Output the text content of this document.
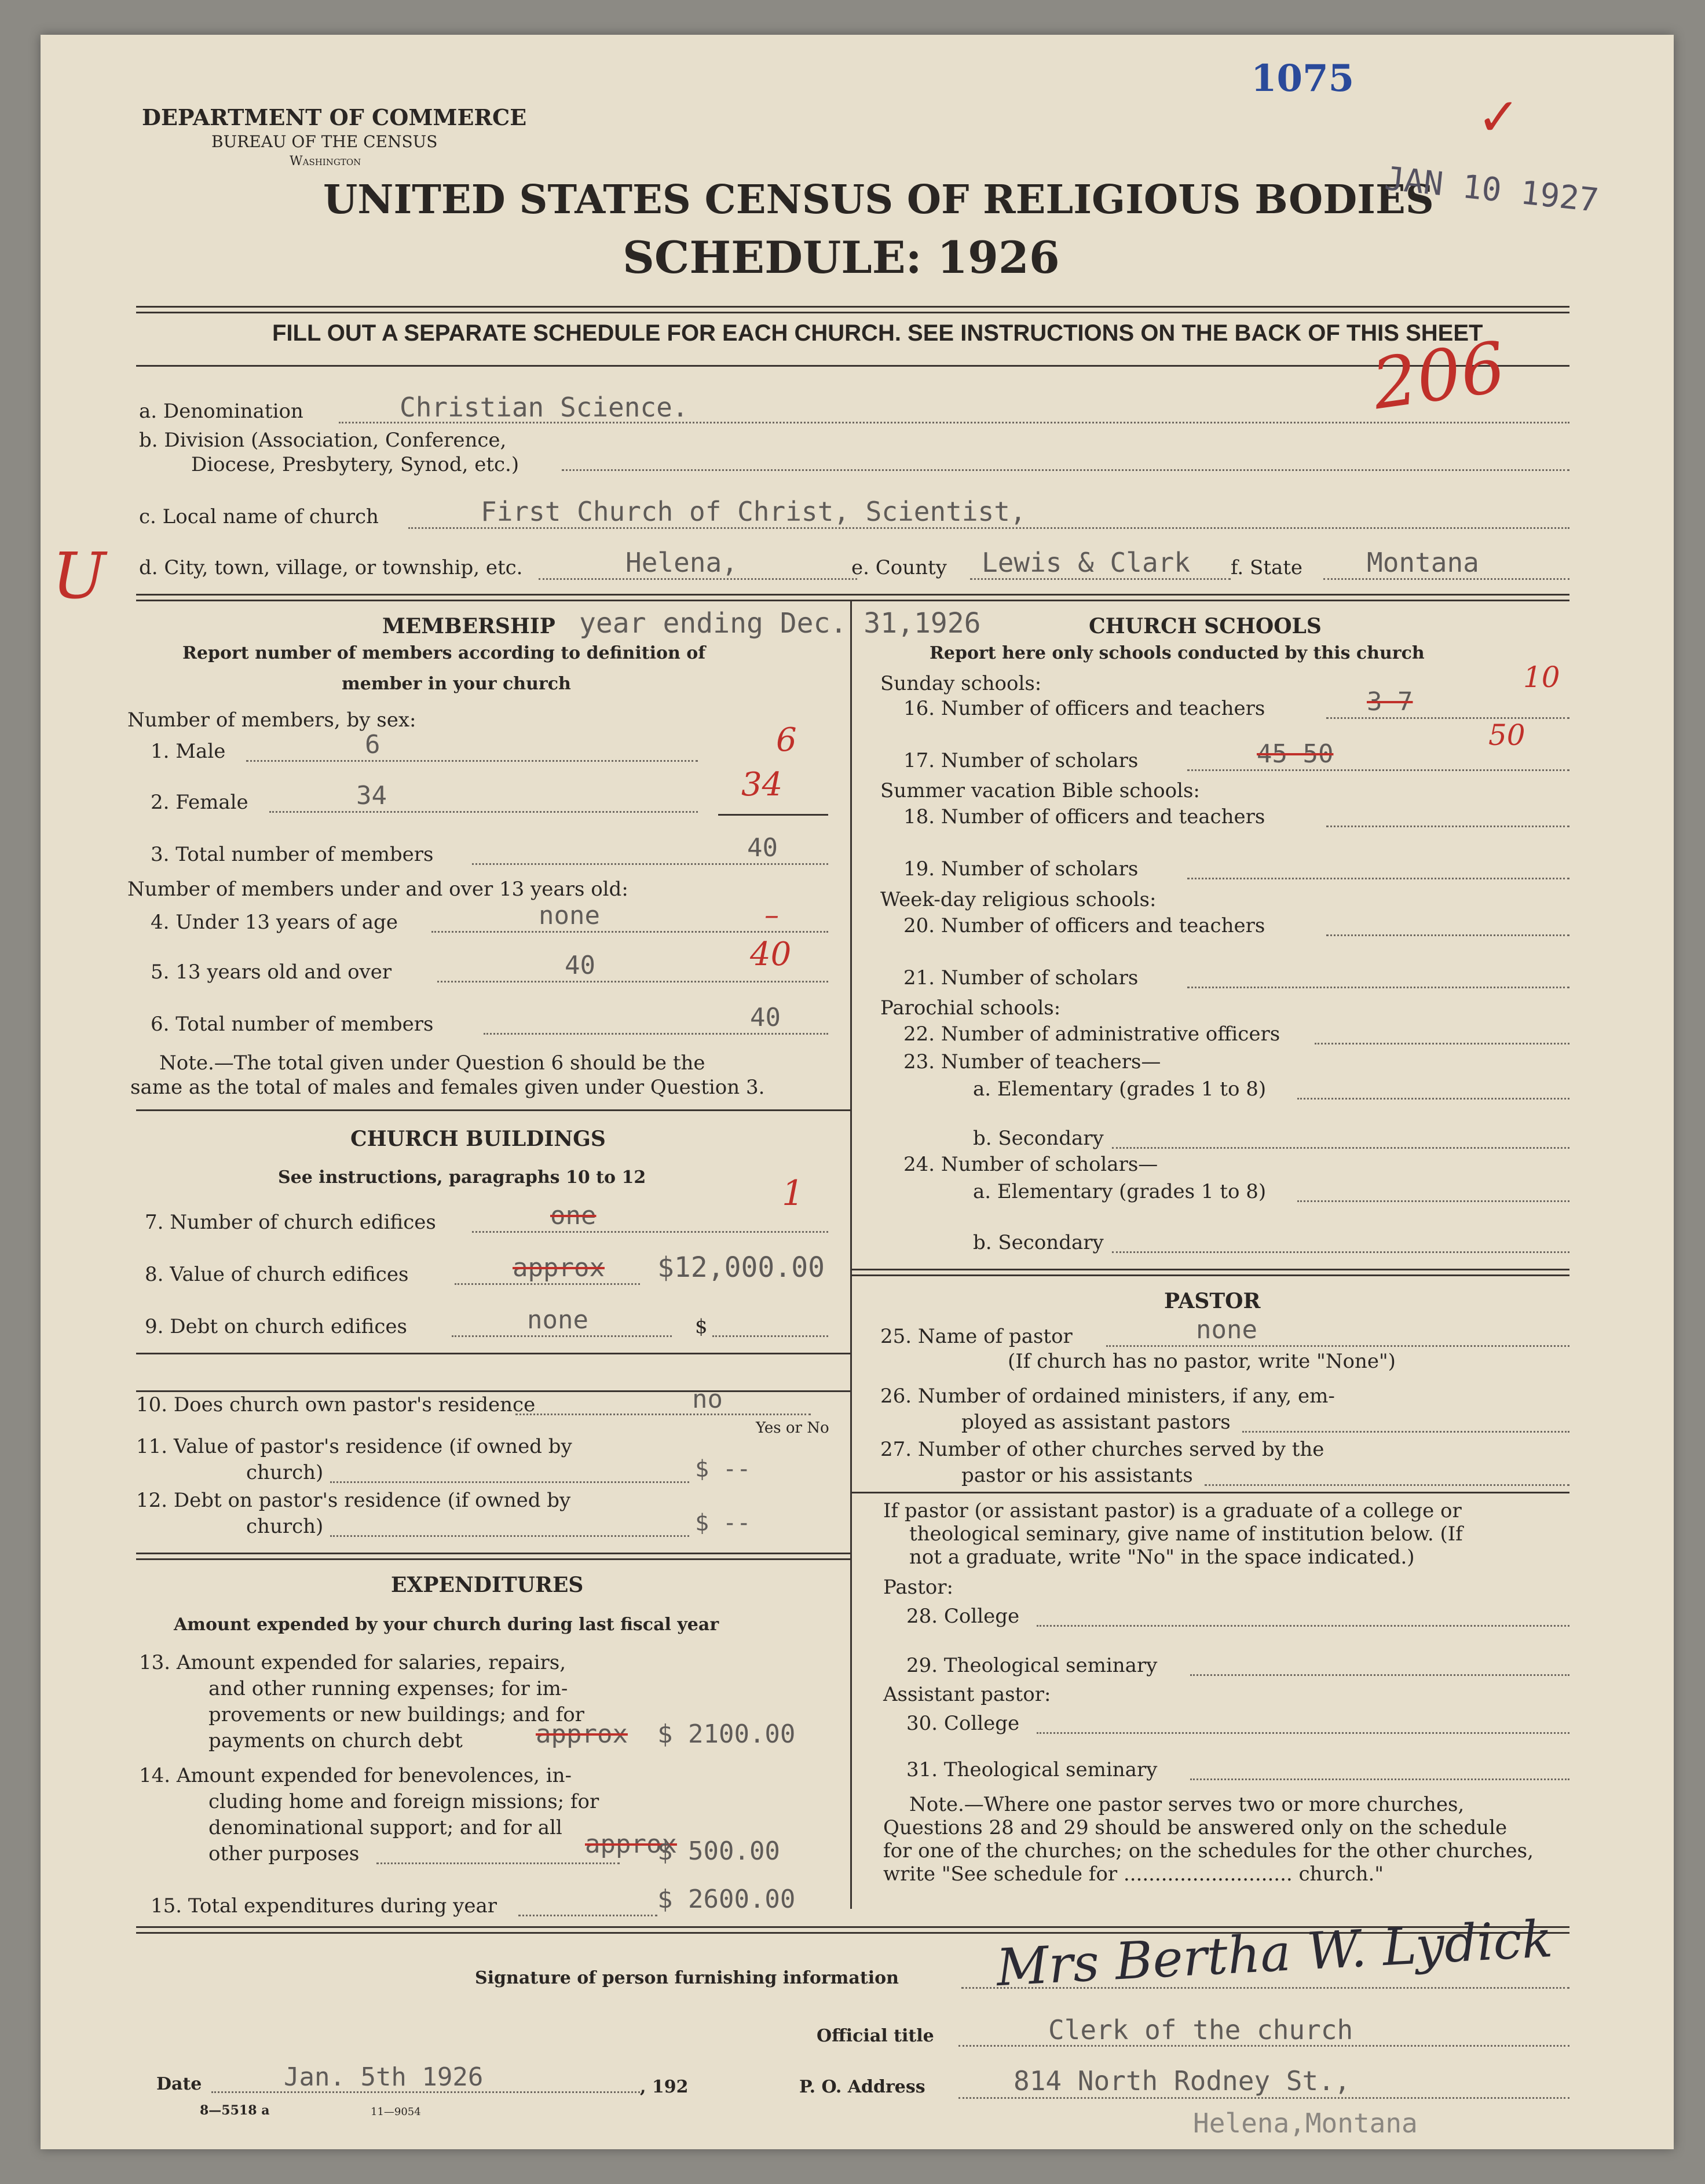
DEPARTMENT OF COMMERCE
BUREAU OF THE CENSUS
Washington
1075
✓
UNITED STATES CENSUS OF RELIGIOUS BODIES
JAN 10 1927
SCHEDULE: 1926
FILL OUT A SEPARATE SCHEDULE FOR EACH CHURCH. SEE INSTRUCTIONS ON THE BACK OF THIS SHEET
206
a. Denomination	Christian Science.
b. Division (Association, Conference,
Diocese, Presbytery, Synod, etc.)
c. Local name of church	First Church of Christ, Scientist,
U d. City, town, village, or township, etc.	Helena,	e. County Lewis & Clark f. State Montana
MEMBERSHIP year ending Dec. 31,1926
Report number of members according to definition of
member in your church
Number of members, by sex:
1. Male	6	6
2. Female	34	34
3. Total number of members	40
Number of members under and over 13 years old:
4. Under 13 years of age	none	–
5. 13 years old and over	40	40
6. Total number of members	40
Note.—The total given under Question 6 should be the
same as the total of males and females given under Question 3.
CHURCH BUILDINGS
See instructions, paragraphs 10 to 12	1
7. Number of church edifices	one
8. Value of church edifices	approx $12,000.00
9. Debt on church edifices	none	$
10. Does church own pastor's residence	no
Yes or No
11. Value of pastor's residence (if owned by
church)	$ --
12. Debt on pastor's residence (if owned by
church)	$ --
EXPENDITURES
Amount expended by your church during last fiscal year
13. Amount expended for salaries, repairs,
and other running expenses; for im-
provements or new buildings; and for
payments on church debt	approx $ 2100.00
14. Amount expended for benevolences, in-
cluding home and foreign missions; for
denominational support; and for all
other purposes	approx
$ 500.00
15. Total expenditures during year	$ 2600.00
CHURCH SCHOOLS
Report here only schools conducted by this church
Sunday schools:
16. Number of officers and teachers	3 7
10
17. Number of scholars	45 50
50
Summer vacation Bible schools:
18. Number of officers and teachers
19. Number of scholars
Week-day religious schools:
20. Number of officers and teachers
21. Number of scholars
Parochial schools:
22. Number of administrative officers
23. Number of teachers—
a. Elementary (grades 1 to 8)
b. Secondary
24. Number of scholars—
a. Elementary (grades 1 to 8)
b. Secondary
PASTOR
25. Name of pastor	none
(If church has no pastor, write "None")
26. Number of ordained ministers, if any, em-
ployed as assistant pastors
27. Number of other churches served by the
pastor or his assistants
If pastor (or assistant pastor) is a graduate of a college or
theological seminary, give name of institution below. (If
not a graduate, write "No" in the space indicated.)
Pastor:
28. College
29. Theological seminary
Assistant pastor:
30. College
31. Theological seminary
Note.—Where one pastor serves two or more churches,
Questions 28 and 29 should be answered only on the schedule
for one of the churches; on the schedules for the other churches,
write "See schedule for ........................... church."
Signature of person furnishing information Mrs Bertha W. Lydick
Official title	Clerk of the church
Date	Jan. 5th 1926	, 192
8—5518 a	11—9054
P. O. Address	814 North Rodney St.,
Helena,Montana
